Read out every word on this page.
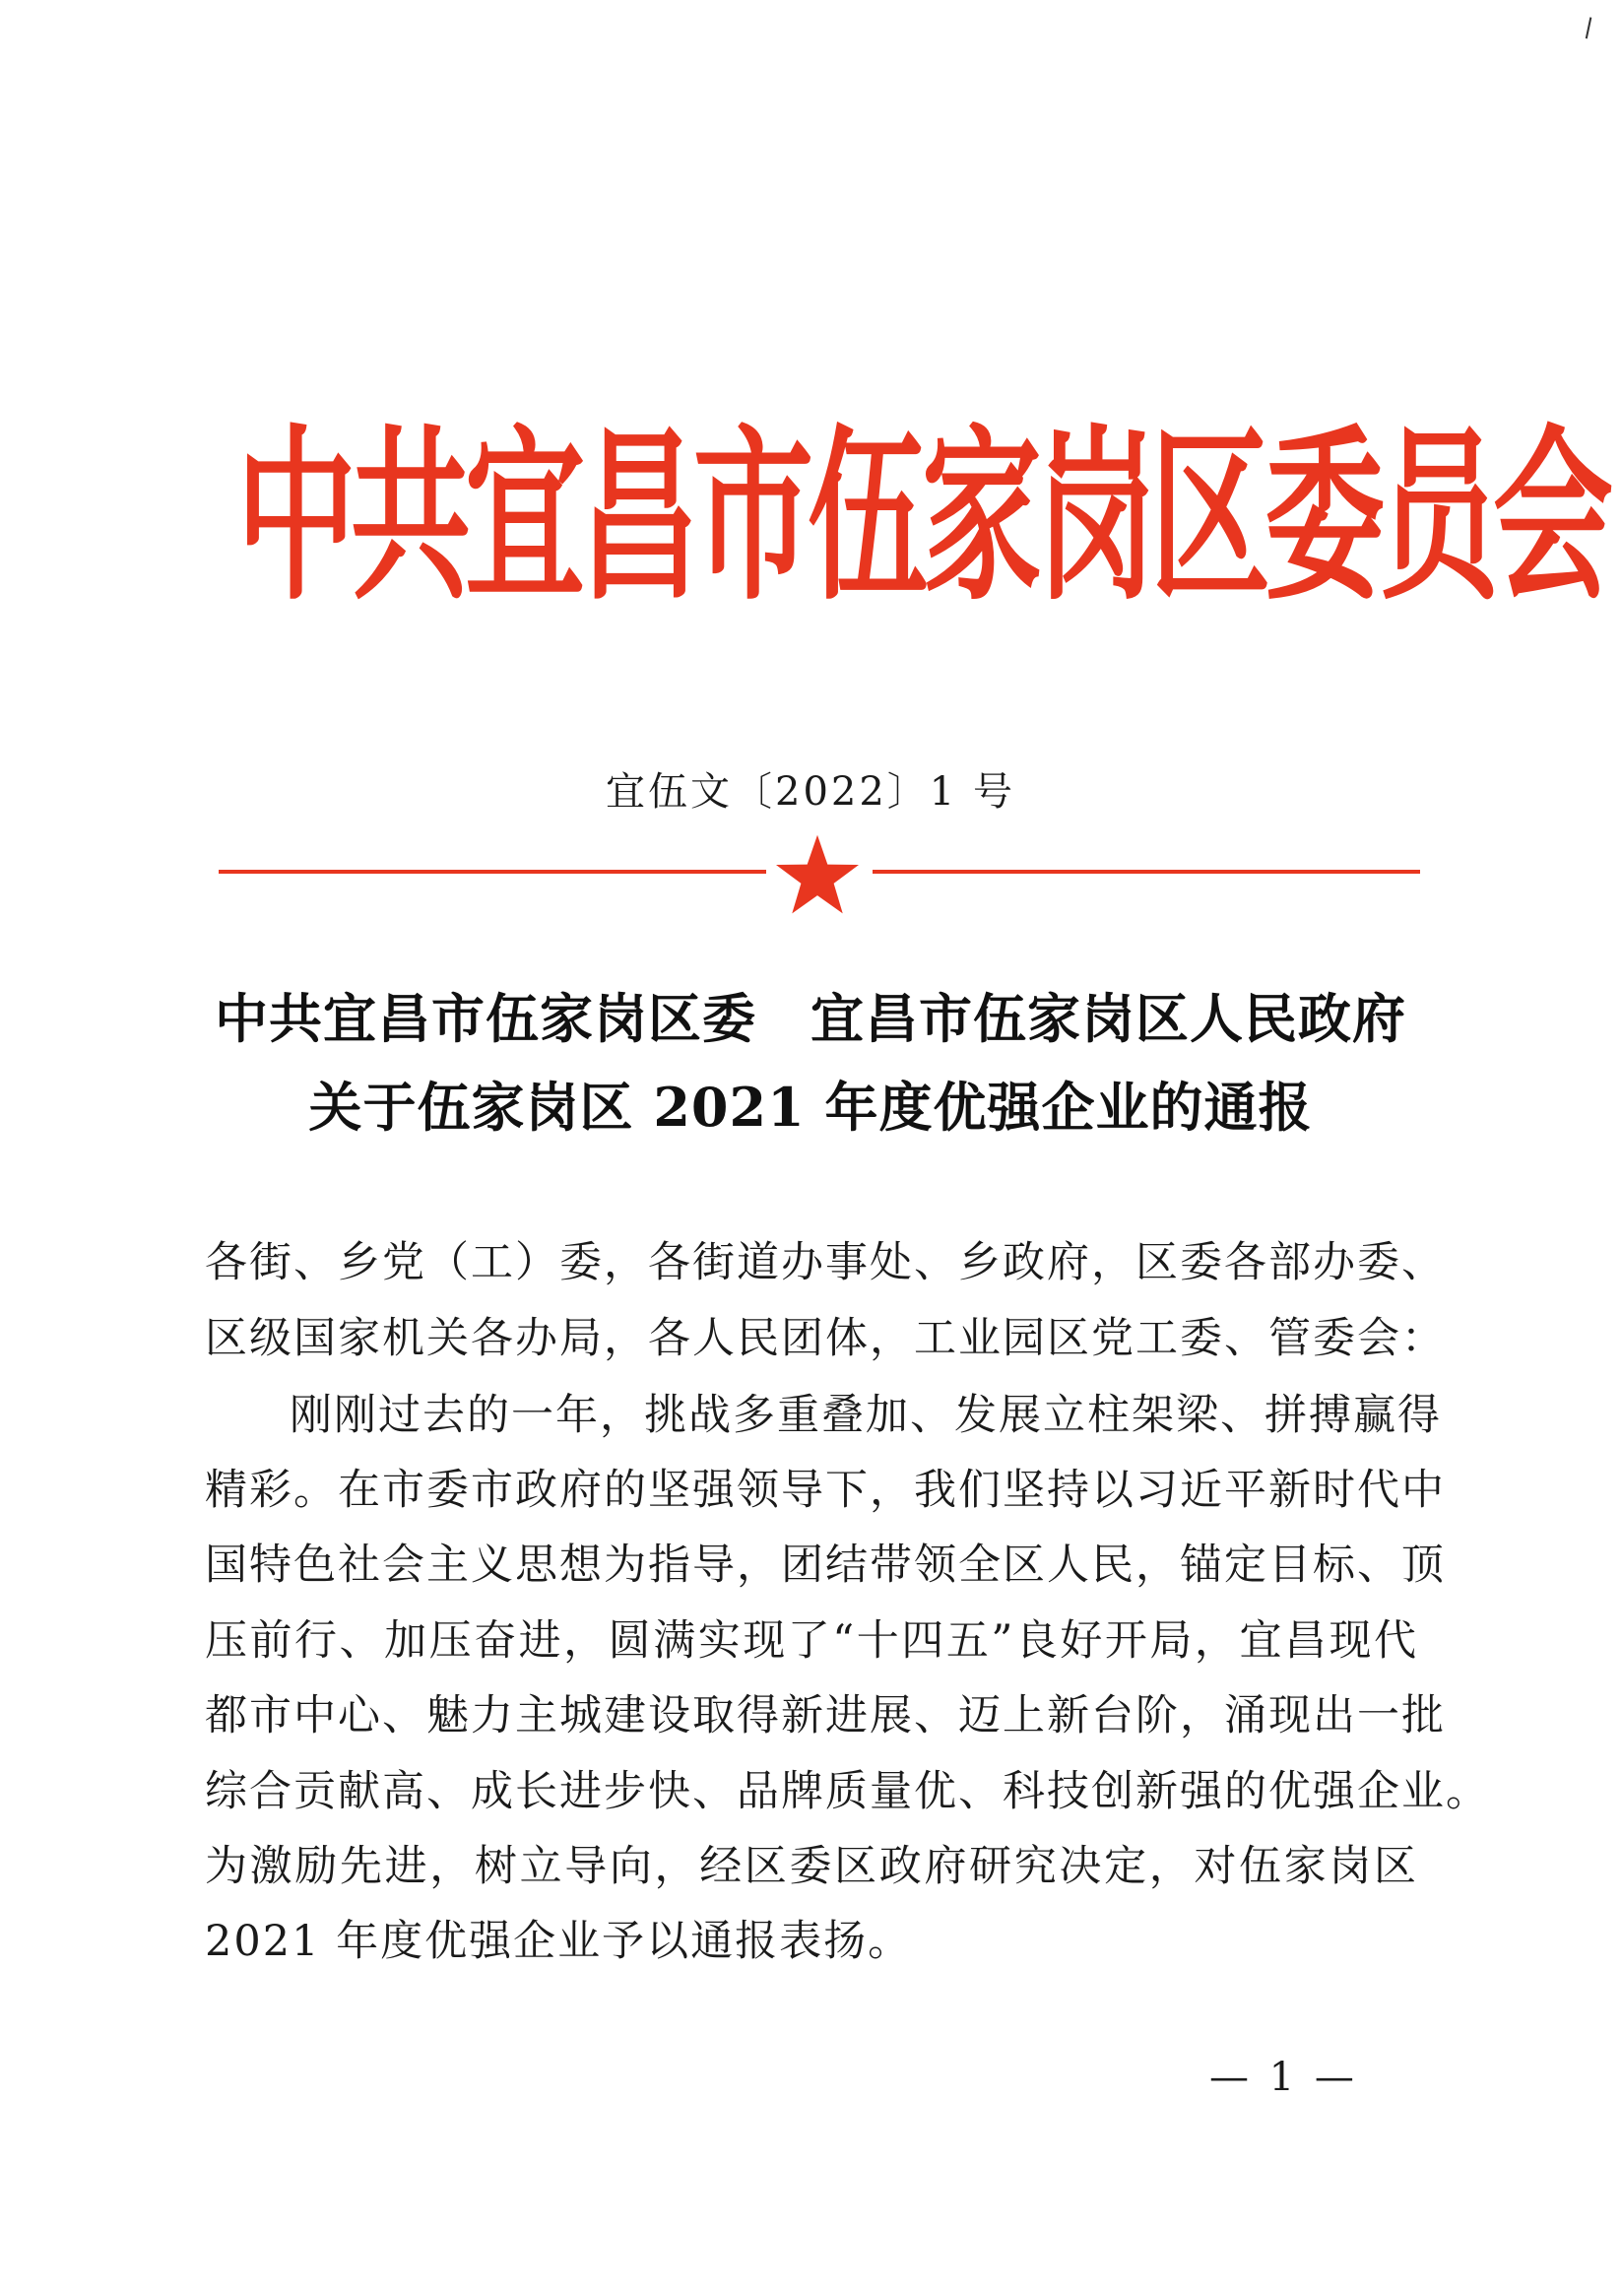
中共宜昌市伍家岗区委员会
宜伍文〔2022〕1 号
中共宜昌市伍家岗区委　宜昌市伍家岗区人民政府
关于伍家岗区 2021 年度优强企业的通报
各街、乡党（工）委，各街道办事处、乡政府，区委各部办委、
区级国家机关各办局，各人民团体，工业园区党工委、管委会：
刚刚过去的一年，挑战多重叠加、发展立柱架梁、拼搏赢得
精彩。在市委市政府的坚强领导下，我们坚持以习近平新时代中
国特色社会主义思想为指导，团结带领全区人民，锚定目标、顶
压前行、加压奋进，圆满实现了“十四五”良好开局，宜昌现代
都市中心、魅力主城建设取得新进展、迈上新台阶，涌现出一批
综合贡献高、成长进步快、品牌质量优、科技创新强的优强企业。
为激励先进，树立导向，经区委区政府研究决定，对伍家岗区
2021 年度优强企业予以通报表扬。
— 1 —
